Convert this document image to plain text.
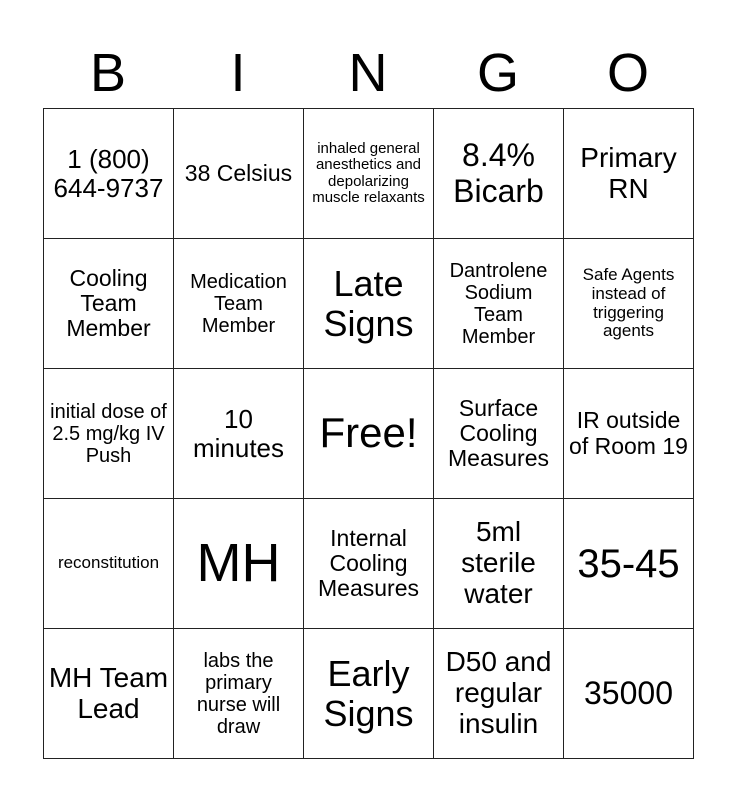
B	I	N	G	O
1 (800) 644-9737	38 Celsius	inhaled general anesthetics and depolarizing muscle relaxants	8.4% Bicarb	Primary RN
Cooling Team Member	Medication Team Member	Late Signs	Dantrolene Sodium Team Member	Safe Agents instead of triggering agents
initial dose of 2.5 mg/kg IV Push	10 minutes	Free!	Surface Cooling Measures	IR outside of Room 19
reconstitution	MH	Internal Cooling Measures	5ml sterile water	35-45
MH Team Lead	labs the primary nurse will draw	Early Signs	D50 and regular insulin	35000
